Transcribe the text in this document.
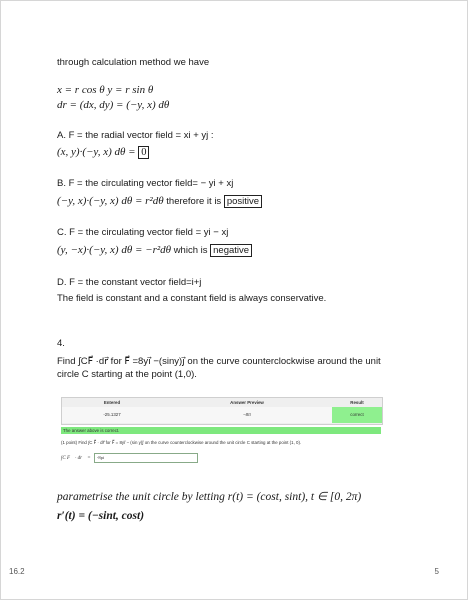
through calculation method we have
x = r cos θ y = r sin θ
dr = (dx, dy) = (−y, x) dθ
A. F = the radial vector field = xi + yj :
(x, y)·(−y, x) dθ = 0
B. F = the circulating vector field= − yi + xj
(−y, x)·(−y, x) dθ = r²dθ therefore it is positive
C. F = the circulating vector field = yi − xj
(y, −x)·(−y, x) dθ = −r²dθ which is negative
D. F = the constant vector field=i+j
The field is constant and a constant field is always conservative.
4.
Find ∫CF⃗ ·dr⃗ for F⃗ =8yi⃗ −(siny)j⃗ on the curve counterclockwise around the unit circle C starting at the point (1,0).
parametrise the unit circle by letting r(t) = (cost, sint), t ∈ [0, 2π)
r′(t) = (−sint, cost)
Entered	Answer Preview	Result
-25.1327	−8π	correct
The answer above is correct.
(1 point) Find ∫C F⃗ · dr⃗ for F⃗ = 8yi⃗ − (sin y)j⃗ on the curve counterclockwise around the unit circle C starting at the point (1, 0).
∫C F⃗ · dr⃗ = -8pi
16.2	5
